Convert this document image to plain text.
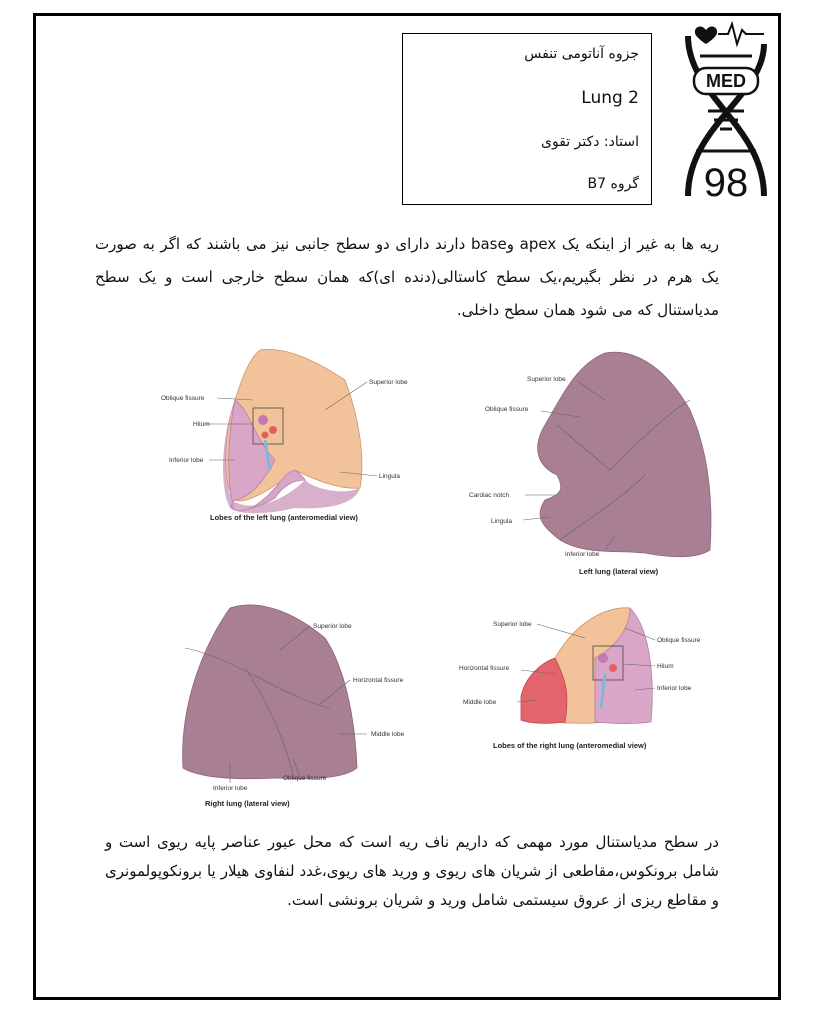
جزوه آناتومی تنفس
Lung 2
استاد: دکتر تقوی
گروه B7
MED
98
ریه ها به غیر از اینکه یک apex وbase دارند دارای دو سطح جانبی نیز می باشند که اگر به صورت یک هرم در نظر بگیریم،یک سطح کاستالی(دنده ای)که همان سطح خارجی است و یک سطح مدیاستنال که می شود همان سطح داخلی.
Oblique fissure
Hilum
Inferior lobe
Superior lobe
Lingula
Lobes of the left lung (anteromedial view)
Superior lobe
Oblique fissure
Cardiac notch
Lingula
Inferior lobe
Left lung (lateral view)
Superior lobe
Horizontal fissure
Middle lobe
Inferior lobe
Oblique fissure
Right lung (lateral view)
Superior lobe
Oblique fissure
Horizontal fissure	Hilum
Middle lobe
Inferior lobe
Lobes of the right lung (anteromedial view)
در سطح مدیاستنال مورد مهمی که داریم ناف ریه است که محل عبور عناصر پایه ریوی است و شامل برونکوس،مقاطعی از شریان های ریوی و ورید های ریوی،غدد لنفاوی هیلار یا برونکوپولمونری و مقاطع ریزی از عروق سیستمی شامل ورید و شریان برونشی است.
